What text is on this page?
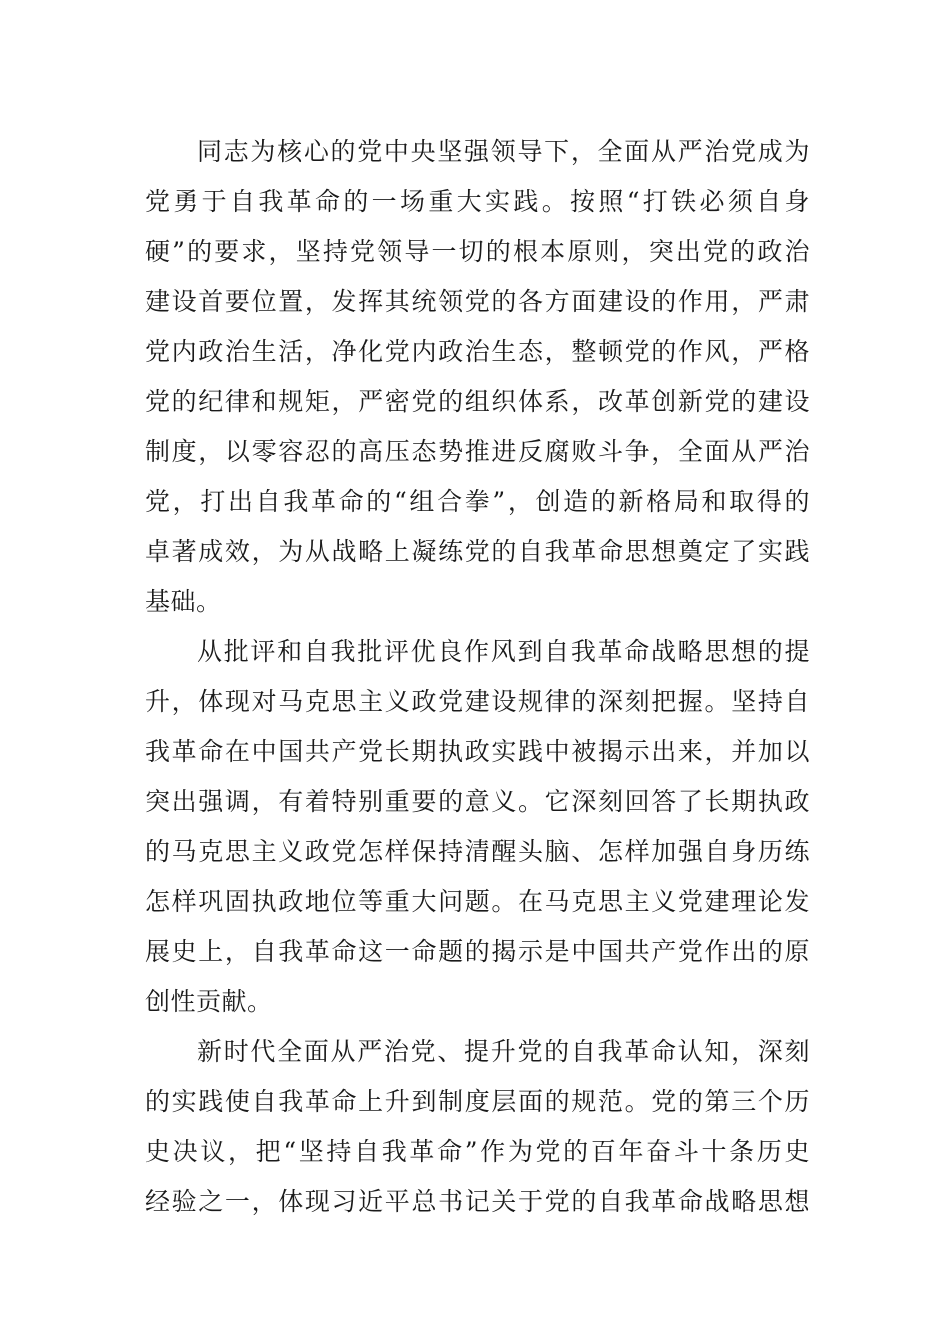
同志为核心的党中央坚强领导下，全面从严治党成为
党勇于自我革命的一场重大实践。按照“打铁必须自身
硬”的要求，坚持党领导一切的根本原则，突出党的政治
建设首要位置，发挥其统领党的各方面建设的作用，严肃
党内政治生活，净化党内政治生态，整顿党的作风，严格
党的纪律和规矩，严密党的组织体系，改革创新党的建设
制度，以零容忍的高压态势推进反腐败斗争，全面从严治
党，打出自我革命的“组合拳”，创造的新格局和取得的
卓著成效，为从战略上凝练党的自我革命思想奠定了实践
基础。
从批评和自我批评优良作风到自我革命战略思想的提
升，体现对马克思主义政党建设规律的深刻把握。坚持自
我革命在中国共产党长期执政实践中被揭示出来，并加以
突出强调，有着特别重要的意义。它深刻回答了长期执政
的马克思主义政党怎样保持清醒头脑、怎样加强自身历练
怎样巩固执政地位等重大问题。在马克思主义党建理论发
展史上，自我革命这一命题的揭示是中国共产党作出的原
创性贡献。
新时代全面从严治党、提升党的自我革命认知，深刻
的实践使自我革命上升到制度层面的规范。党的第三个历
史决议，把“坚持自我革命”作为党的百年奋斗十条历史
经验之一，体现习近平总书记关于党的自我革命战略思想
